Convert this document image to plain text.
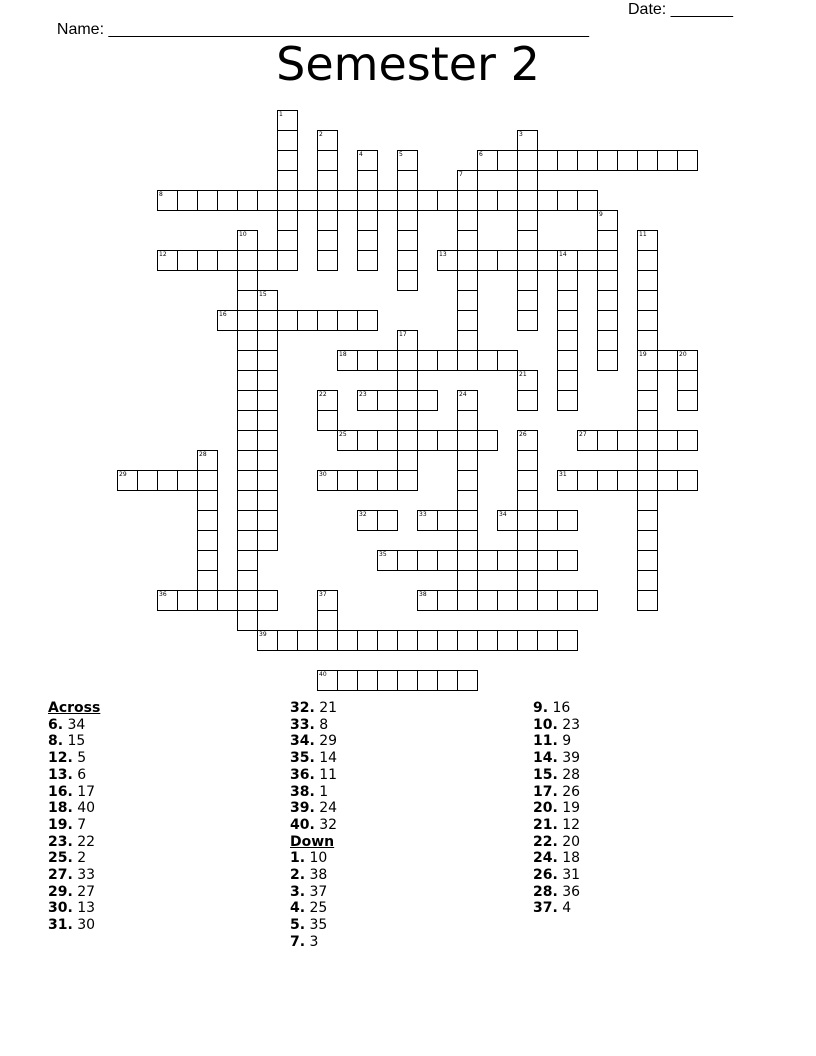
Name: ______________________________________________________

Date: _______

Semester 2
1
2	3
4	5	6
7
8
9
10	11
19
12	13	14
15
16
17
18	20
21
22	23	24
25	26	27
28
29	30	31
32	33	34
35
36	37	38
39
40
Across
6. 34
8. 15
12. 5
13. 6
16. 17
18. 40
19. 7
23. 22
25. 2
27. 33
29. 27
30. 13
31. 30
32. 21
33. 8
34. 29
35. 14
36. 11
38. 1
39. 24
40. 32
Down
1. 10
2. 38
3. 37
4. 25
5. 35
7. 3
9. 16
10. 23
11. 9
14. 39
15. 28
17. 26
20. 19
21. 12
22. 20
24. 18
26. 31
28. 36
37. 4
